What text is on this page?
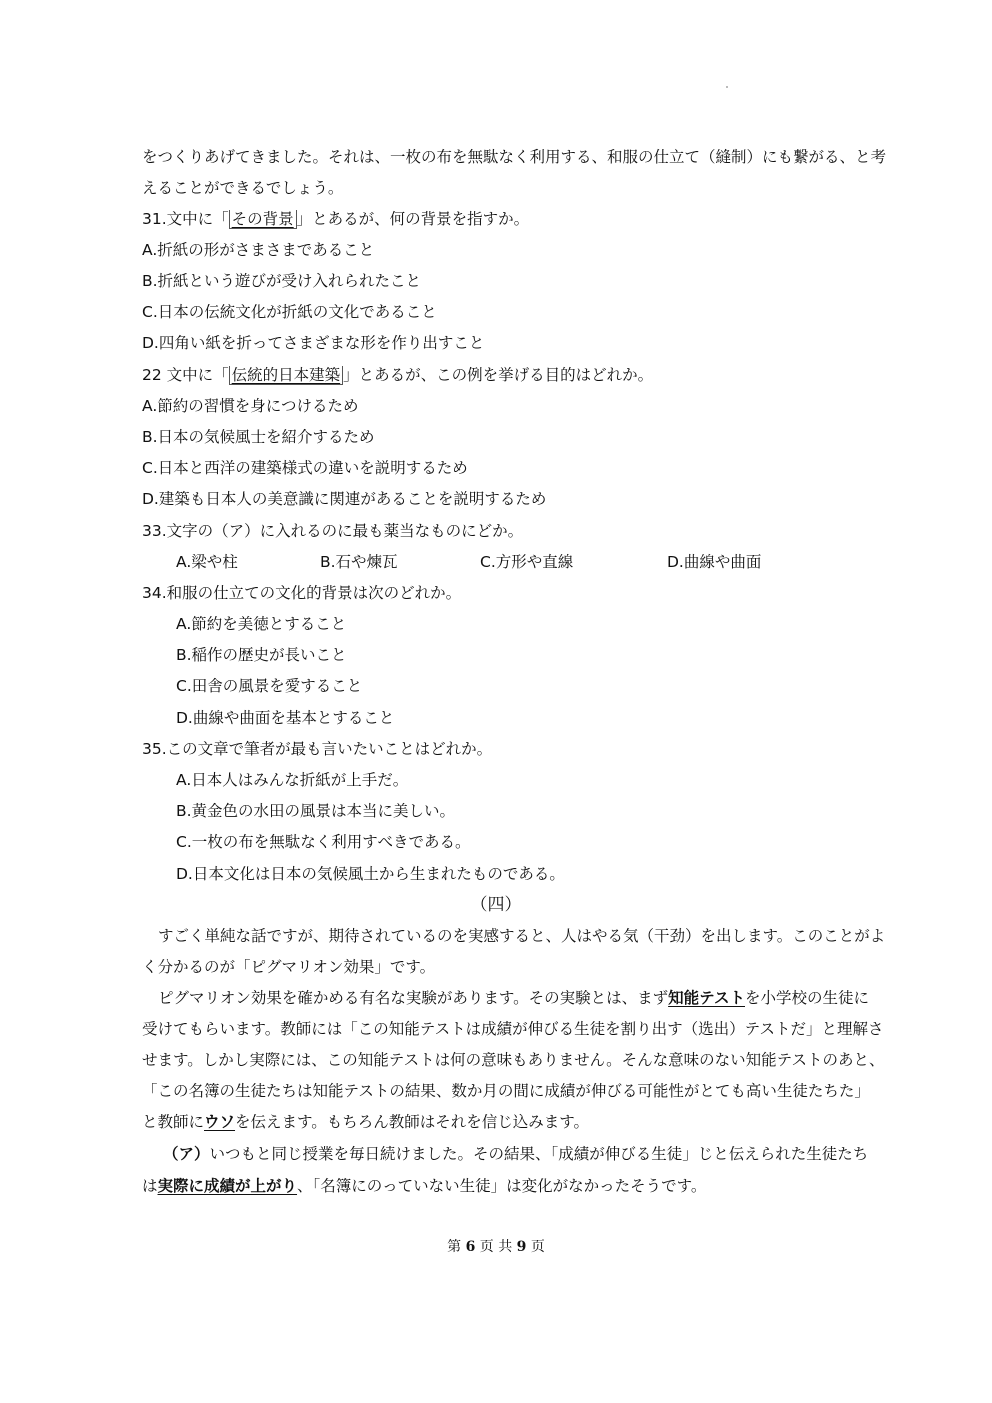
をつくりあげてきました。それは、一枚の布を無駄なく利用する、和服の仕立て（縫制）にも繋がる、と考
えることができるでしょう。
31.文中に「 その背景 」とあるが、何の背景を指すか。
A.折紙の形がさまさまであること
B.折紙という遊びが受け入れられたこと
C.日本の伝統文化が折紙の文化であること
D.四角い紙を折ってさまざまな形を作り出すこと
22 文中に「 伝統的日本建築 」とあるが、この例を挙げる目的はどれか。
A.節約の習慣を身につけるため
B.日本の気候風士を紹介するため
C.日本と西洋の建築様式の違いを説明するため
D.建築も日本人の美意識に関連があることを説明するため
33.文字の（ア）に入れるのに最も薬当なものにどか。
A.梁や柱	B.石や煉瓦	C.方形や直線	D.曲線や曲面
34.和服の仕立ての文化的背景は次のどれか。
A.節約を美徳とすること
B.稲作の歴史が長いこと
C.田舎の風景を愛すること
D.曲線や曲面を基本とすること
35.この文章で筆者が最も言いたいことはどれか。
A.日本人はみんな折紙が上手だ。
B.黄金色の水田の風景は本当に美しい。
C.一枚の布を無駄なく利用すべきである。
D.日本文化は日本の気候風土から生まれたものである。
（四）
すごく単純な話ですが、期待されているのを実感すると、人はやる気（干劲）を出します。このことがよ
く分かるのが「ピグマリオン効果」です。
ピグマリオン効果を確かめる有名な実験があります。その実験とは、まず知能テストを小学校の生徒に
受けてもらいます。教師には「この知能テストは成績が伸びる生徒を割り出す（选出）テストだ」と理解さ
せます。しかし実際には、この知能テストは何の意味もありません。そんな意味のない知能テストのあと、
「この名簿の生徒たちは知能テストの結果、数か月の間に成績が伸びる可能性がとても高い生徒たちた」
と教師にウソを伝えます。もちろん教師はそれを信じ込みます。
（ア）いつもと同じ授業を毎日続けました。その結果、「成績が伸びる生徒」じと伝えられた生徒たち
は実際に成績が上がり、「名簿にのっていない生徒」は変化がなかったそうです。
第 6 页 共 9 页
